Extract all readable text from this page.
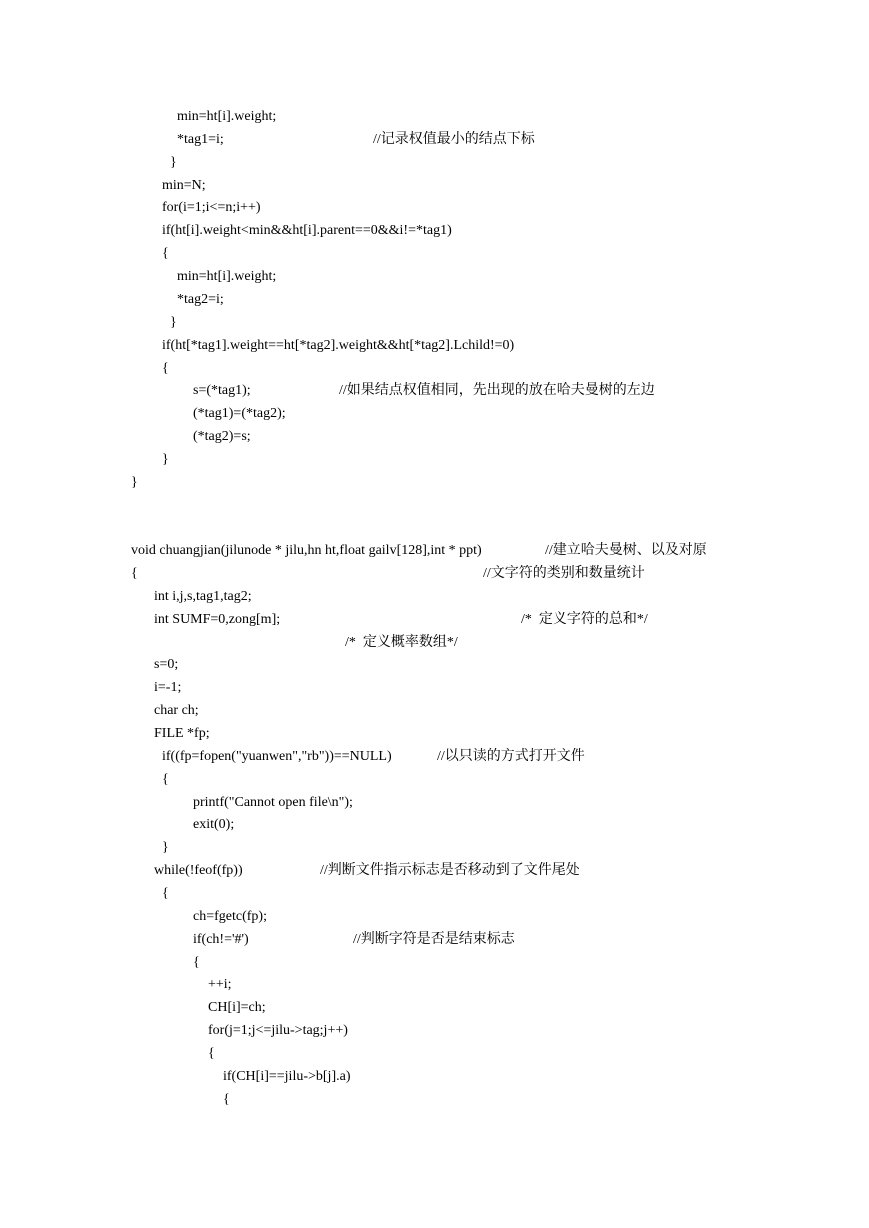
min=ht[i].weight;
*tag1=i;	//记录权值最小的结点下标
}
min=N;
for(i=1;i<=n;i++)
if(ht[i].weight<min&&ht[i].parent==0&&i!=*tag1)
{
min=ht[i].weight;
*tag2=i;
}
if(ht[*tag1].weight==ht[*tag2].weight&&ht[*tag2].Lchild!=0)
{
s=(*tag1);	//如果结点权值相同，先出现的放在哈夫曼树的左边
(*tag1)=(*tag2);
(*tag2)=s;
}
}
void chuangjian(jilunode * jilu,hn ht,float gailv[128],int * ppt)	//建立哈夫曼树、以及对原
{	//文字符的类别和数量统计
int i,j,s,tag1,tag2;
int SUMF=0,zong[m];	/*  定义字符的总和*/
/*  定义概率数组*/
s=0;
i=-1;
char ch;
FILE *fp;
if((fp=fopen("yuanwen","rb"))==NULL)	//以只读的方式打开文件
{
printf("Cannot open file\n");
exit(0);
}
while(!feof(fp))	//判断文件指示标志是否移动到了文件尾处
{
ch=fgetc(fp);
if(ch!='#')	//判断字符是否是结束标志
{
++i;
CH[i]=ch;
for(j=1;j<=jilu->tag;j++)
{
if(CH[i]==jilu->b[j].a)
{
